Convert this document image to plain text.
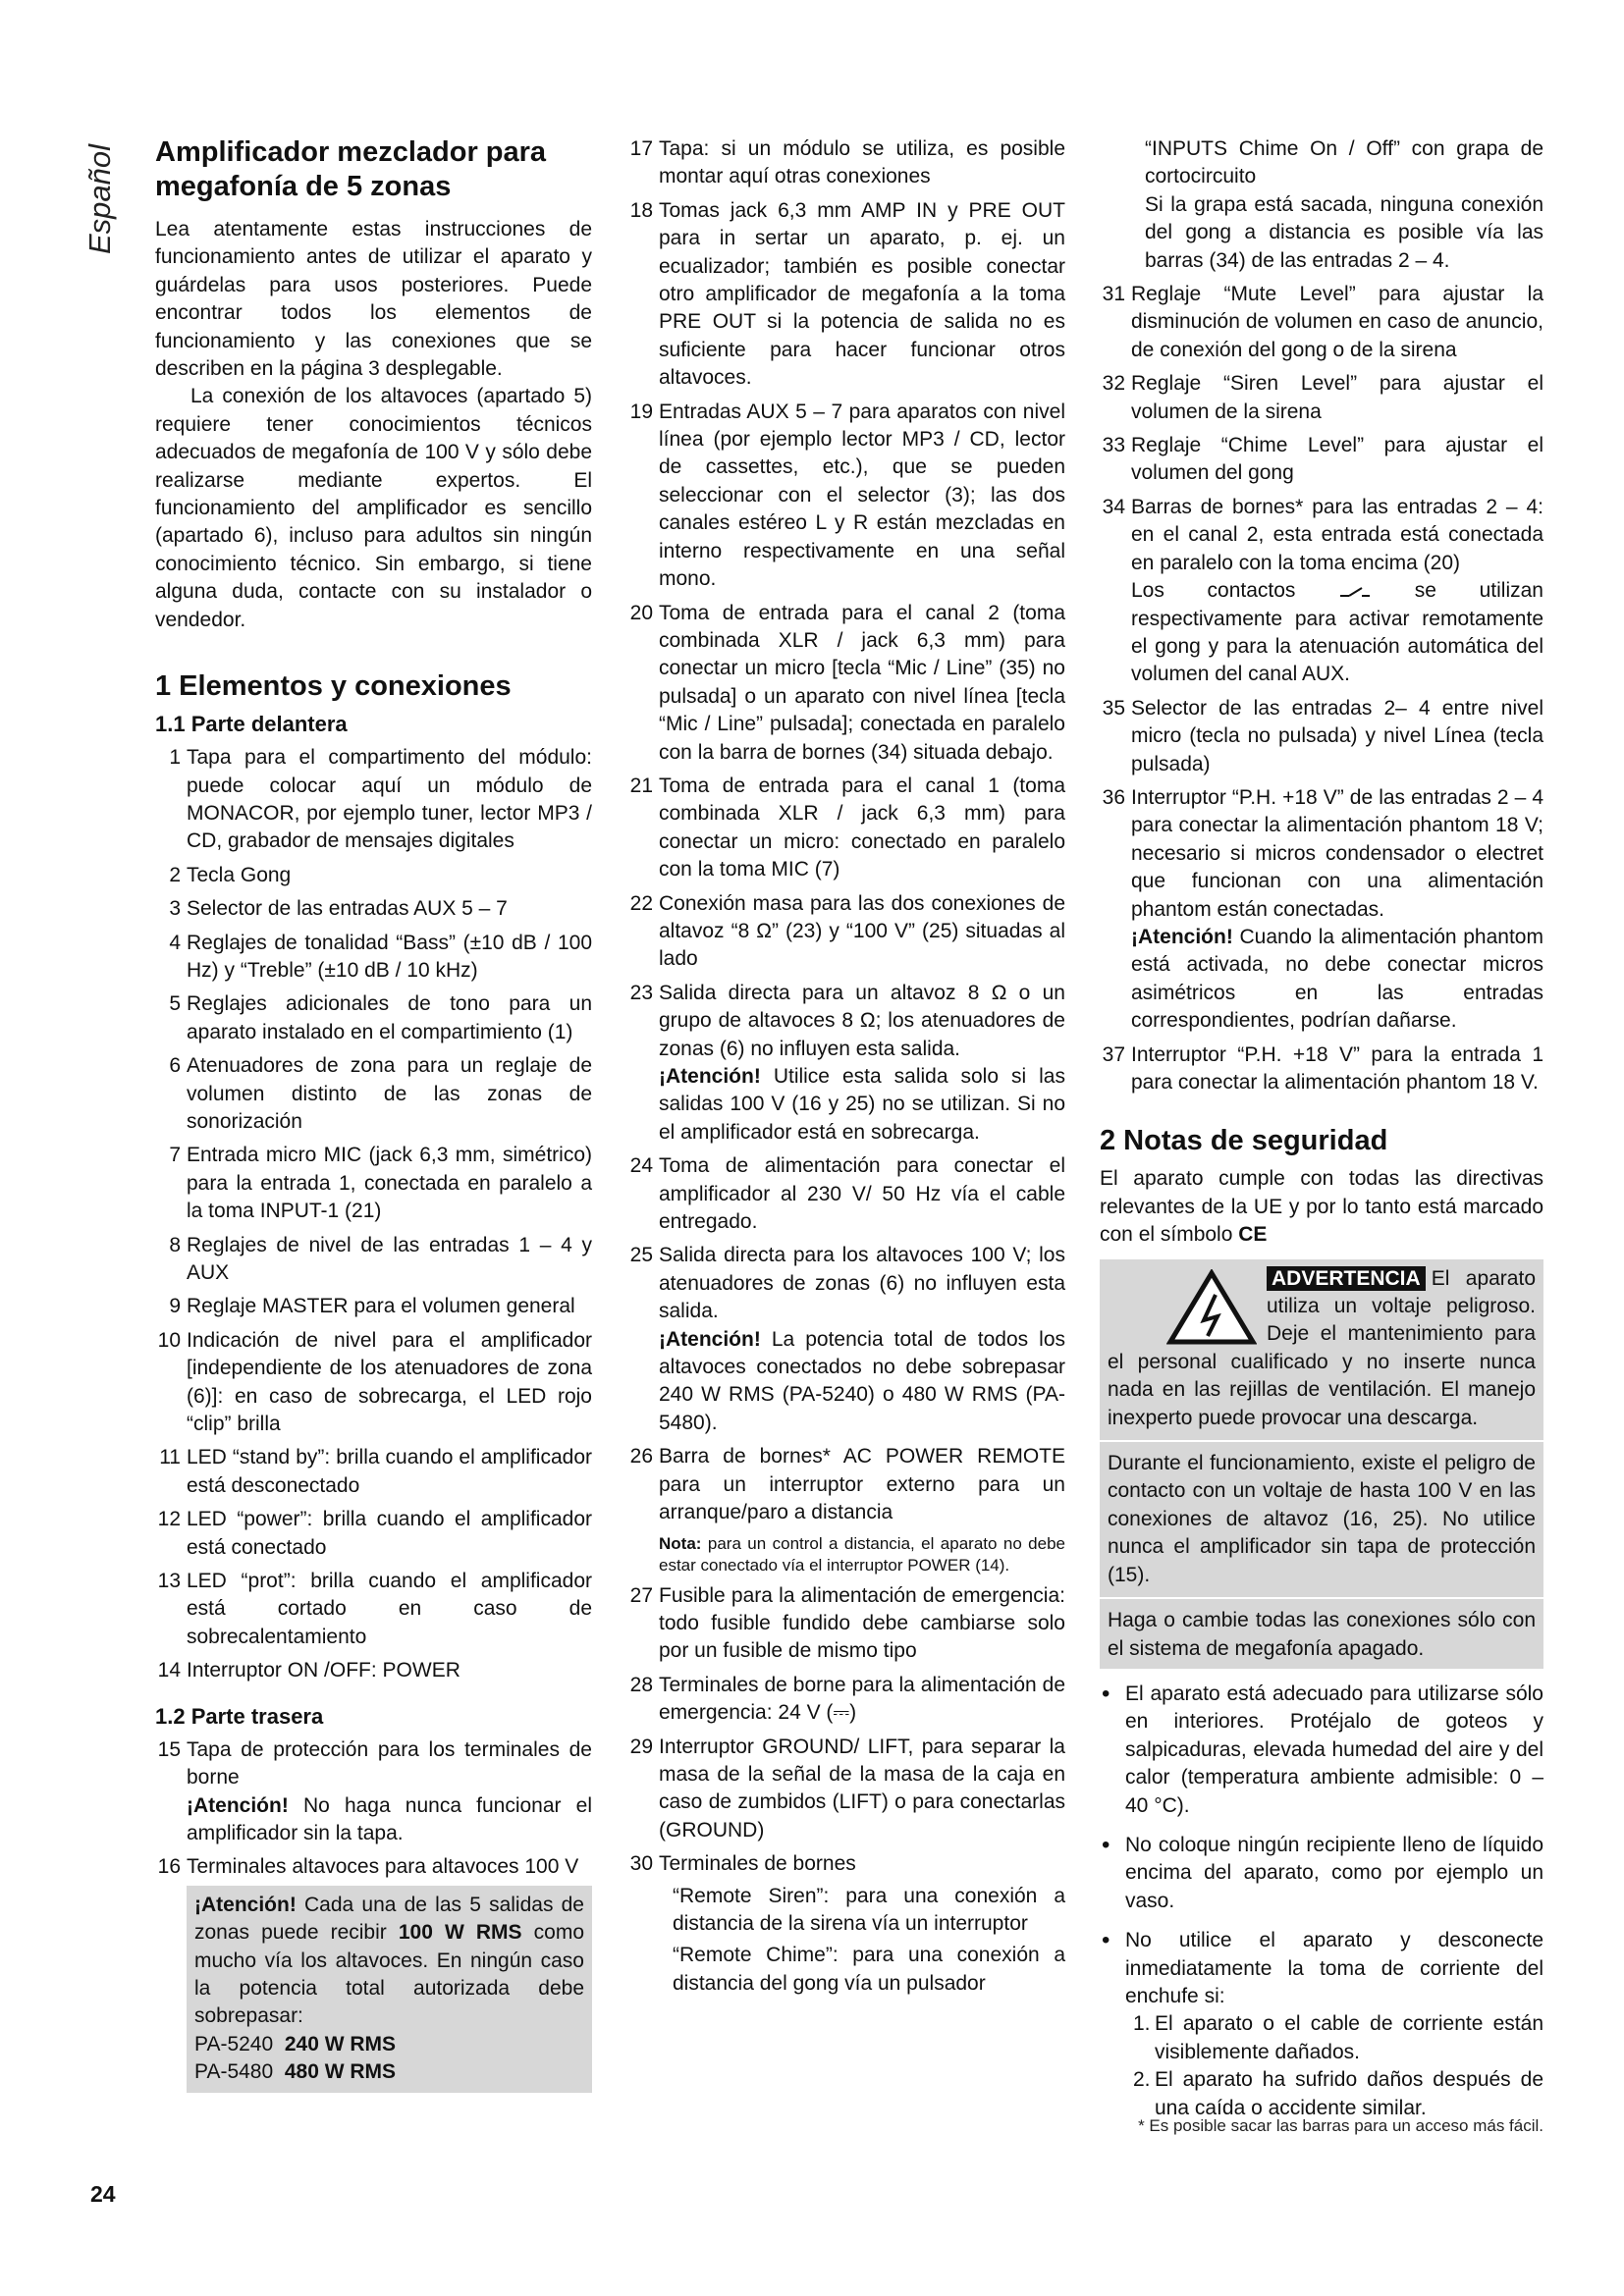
Español Amplificador mezclador para megafonía de 5 zonas

Lea atentamente estas instrucciones de funcionamiento antes de utilizar el aparato y guárdelas para usos posteriores. Puede encontrar todos los elementos de funcionamiento y las conexiones que se describen en la página 3 desplegable.

La conexión de los altavoces (apartado 5) requiere tener conocimientos técnicos adecuados de megafonía de 100 V y sólo debe realizarse mediante expertos. El funcionamiento del amplificador es sencillo (apartado 6), incluso para adultos sin ningún conocimiento técnico. Sin embargo, si tiene alguna duda, contacte con su instalador o vendedor.

1 Elementos y conexiones
1.1 Parte delantera
1 Tapa para el compartimento del módulo: puede colocar aquí un módulo de MONACOR, por ejemplo tuner, lector MP3 / CD, grabador de mensajes digitales

2 Tecla Gong

3 Selector de las entradas AUX 5 – 7

4 Reglajes de tonalidad “Bass” (±10 dB / 100 Hz) y “Treble” (±10 dB / 10 kHz)

5 Reglajes adicionales de tono para un aparato instalado en el compartimiento (1)

6 Atenuadores de zona para un reglaje de volumen distinto de las zonas de sonorización

7 Entrada micro MIC (jack 6,3 mm, simétrico) para la entrada 1, conectada en paralelo a la toma INPUT-1 (21)

8 Reglajes de nivel de las entradas 1 – 4 y AUX

9 Reglaje MASTER para el volumen general

10 Indicación de nivel para el amplificador [independiente de los atenuadores de zona (6)]: en caso de sobrecarga, el LED rojo “clip” brilla

11 LED “stand by”: brilla cuando el amplificador está desconectado

12 LED “power”: brilla cuando el amplificador está conectado

13 LED “prot”: brilla cuando el amplificador está cortado en caso de sobrecalentamiento

14 Interruptor ON /OFF: POWER

1.2 Parte trasera
15 Tapa de protección para los terminales de borne

¡Atención! No haga nunca funcionar el amplificador sin la tapa.

16 Terminales altavoces para altavoces 100 V

¡Atención! Cada una de las 5 salidas de zonas puede recibir 100 W RMS como mucho vía los altavoces. En ningún caso la potencia total autorizada debe sobrepasar:

PA-5240 240 W RMS
PA-5480 480 W RMS
17 Tapa: si un módulo se utiliza, es posible montar aquí otras conexiones

18 Tomas jack 6,3 mm AMP IN y PRE OUT para in sertar un aparato, p. ej. un ecualizador; también es posible conectar otro amplificador de megafonía a la toma PRE OUT si la potencia de salida no es suficiente para hacer funcionar otros altavoces.

19 Entradas AUX 5 – 7 para aparatos con nivel línea (por ejemplo lector MP3 / CD, lector de cassettes, etc.), que se pueden seleccionar con el selector (3); las dos canales estéreo L y R están mezcladas en interno respectivamente en una señal mono.

20 Toma de entrada para el canal 2 (toma combinada XLR / jack 6,3 mm) para conectar un micro [tecla “Mic / Line” (35) no pulsada] o un aparato con nivel línea [tecla “Mic / Line” pulsada]; conectada en paralelo con la barra de bornes (34) situada debajo.

21 Toma de entrada para el canal 1 (toma combinada XLR / jack 6,3 mm) para conectar un micro: conectado en paralelo con la toma MIC (7)

22 Conexión masa para las dos conexiones de altavoz “8 Ω” (23) y “100 V” (25) situadas al lado

23 Salida directa para un altavoz 8 Ω o un grupo de altavoces 8 Ω; los atenuadores de zonas (6) no influyen esta salida.

¡Atención! Utilice esta salida solo si las salidas 100 V (16 y 25) no se utilizan. Si no el amplificador está en sobrecarga.

24 Toma de alimentación para conectar el amplificador al 230 V/ 50 Hz vía el cable entregado.

25 Salida directa para los altavoces 100 V; los atenuadores de zonas (6) no influyen esta salida.

¡Atención! La potencia total de todos los altavoces conectados no debe sobrepasar 240 W RMS (PA-5240) o 480 W RMS (PA-5480).

26 Barra de bornes* AC POWER REMOTE para un interruptor externo para un arranque/paro a distancia

Nota: para un control a distancia, el aparato no debe estar conectado vía el interruptor POWER (14).

27 Fusible para la alimentación de emergencia: todo fusible fundido debe cambiarse solo por un fusible de mismo tipo

28 Terminales de borne para la alimentación de emergencia: 24 V (⎓)

29 Interruptor GROUND/ LIFT, para separar la masa de la señal de la masa de la caja en caso de zumbidos (LIFT) o para conectarlas (GROUND)

30 Terminales de bornes

“Remote Siren”: para una conexión a distancia de la sirena vía un interruptor

“Remote Chime”: para una conexión a distancia del gong vía un pulsador

“INPUTS Chime On / Off” con grapa de cortocircuito

Si la grapa está sacada, ninguna conexión del gong a distancia es posible vía las barras (34) de las entradas 2 – 4.

31 Reglaje “Mute Level” para ajustar la disminución de volumen en caso de anuncio, de conexión del gong o de la sirena

32 Reglaje “Siren Level” para ajustar el volumen de la sirena

33 Reglaje “Chime Level” para ajustar el volumen del gong

34 Barras de bornes* para las entradas 2 – 4: en el canal 2, esta entrada está conectada en paralelo con la toma encima (20)

Los contactos	se utilizan respectivamente para activar remotamente el gong y para la atenuación automática del volumen del canal AUX.

35 Selector de las entradas 2– 4 entre nivel micro (tecla no pulsada) y nivel Línea (tecla pulsada)

36 Interruptor “P.H. +18 V” de las entradas 2 – 4 para conectar la alimentación phantom 18 V; necesario si micros condensador o electret que funcionan con una alimentación phantom están conectadas.

¡Atención! Cuando la alimentación phantom está activada, no debe conectar micros asimétricos en las entradas correspondientes, podrían dañarse.

37 Interruptor “P.H. +18 V” para la entrada 1 para conectar la alimentación phantom 18 V.

2 Notas de seguridad

El aparato cumple con todas las directivas relevantes de la UE y por lo tanto está marcado con el símbolo CE

ADVERTENCIA El aparato utiliza un voltaje peligroso. Deje el mantenimiento para el personal cualificado y no inserte nunca nada en las rejillas de ventilación. El manejo inexperto puede provocar una descarga.

Durante el funcionamiento, existe el peligro de contacto con un voltaje de hasta 100 V en las conexiones de altavoz (16, 25). No utilice nunca el amplificador sin tapa de protección (15).

Haga o cambie todas las conexiones sólo con el sistema de megafonía apagado.

• El aparato está adecuado para utilizarse sólo en interiores. Protéjalo de goteos y salpicaduras, elevada humedad del aire y del calor (temperatura ambiente admisible: 0 – 40 °C).

• No coloque ningún recipiente lleno de líquido encima del aparato, como por ejemplo un vaso.

• No utilice el aparato y desconecte inmediatamente la toma de corriente del enchufe si:

1. El aparato o el cable de corriente están visiblemente dañados.

2. El aparato ha sufrido daños después de una caída o accidente similar.

* Es posible sacar las barras para un acceso más fácil.
24
